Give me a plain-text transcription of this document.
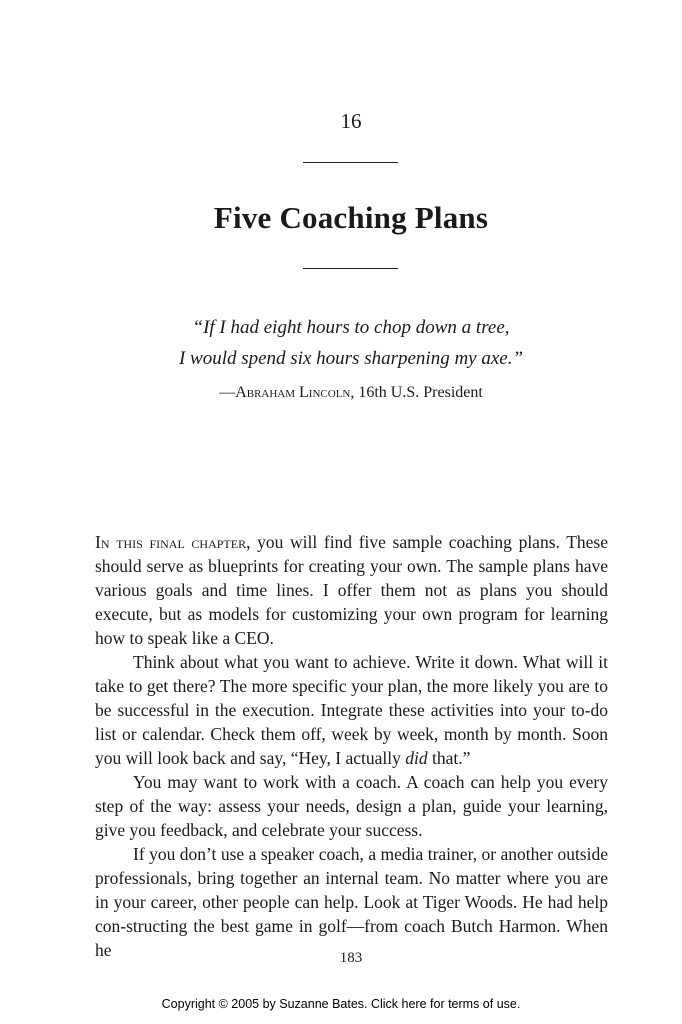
16
Five Coaching Plans
“If I had eight hours to chop down a tree,
I would spend six hours sharpening my axe.”
—Abraham Lincoln, 16th U.S. President

In this final chapter, you will find five sample coaching plans. These should serve as blueprints for creating your own. The sample plans have various goals and time lines. I offer them not as plans you should execute, but as models for customizing your own program for learning how to speak like a CEO.

Think about what you want to achieve. Write it down. What will it take to get there? The more specific your plan, the more likely you are to be successful in the execution. Integrate these activities into your to-do list or calendar. Check them off, week by week, month by month. Soon you will look back and say, “Hey, I actually did that.”

You may want to work with a coach. A coach can help you every step of the way: assess your needs, design a plan, guide your learning, give you feedback, and celebrate your success.

If you don’t use a speaker coach, a media trainer, or another outside professionals, bring together an internal team. No matter where you are in your career, other people can help. Look at Tiger Woods. He had help con-structing the best game in golf—from coach Butch Harmon. When he	183
Copyright © 2005 by Suzanne Bates. Click here for terms of use.
